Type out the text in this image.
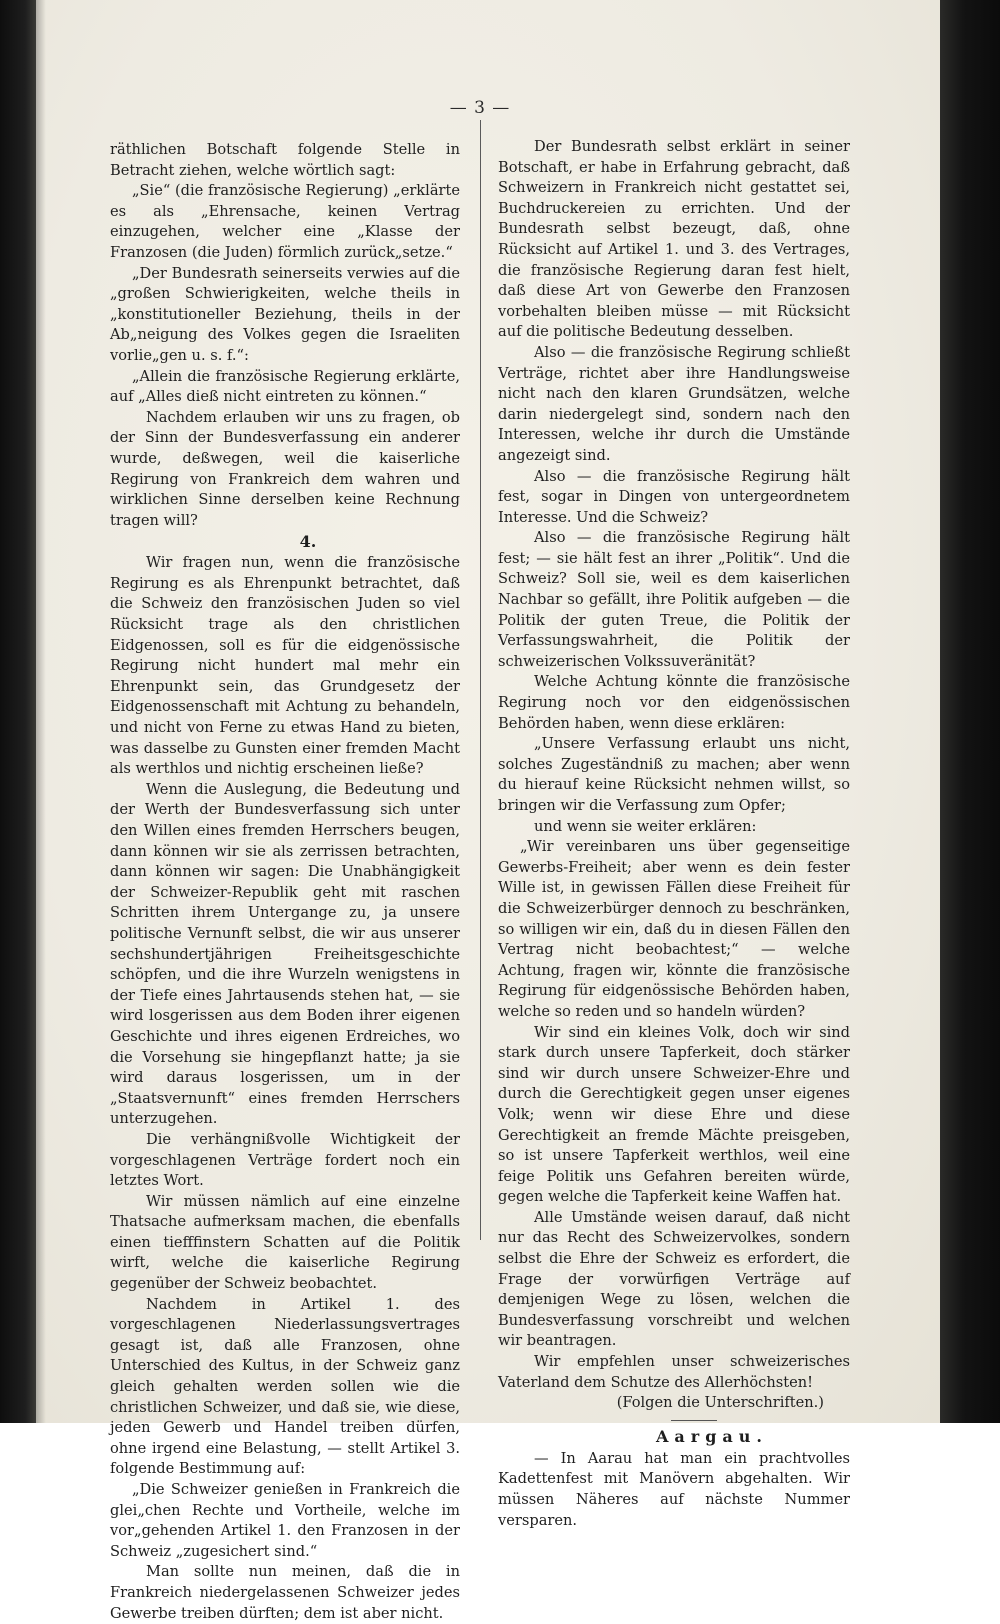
— 3 —

räthlichen Botschaft folgende Stelle in Betracht ziehen, welche wörtlich sagt:

„Sie“ (die französische Regierung) „erklärte es als „Ehrensache, keinen Vertrag einzugehen, welcher eine „Klasse der Franzosen (die Juden) förmlich zurück„setze.“

„Der Bundesrath seinerseits verwies auf die „großen Schwierigkeiten, welche theils in „konstitutioneller Beziehung, theils in der Ab„neigung des Volkes gegen die Israeliten vorlie„gen u. s. f.“:

„Allein die französische Regierung erklärte, auf „Alles dieß nicht eintreten zu können.“

Nachdem erlauben wir uns zu fragen, ob der Sinn der Bundesverfassung ein anderer wurde, deßwegen, weil die kaiserliche Regirung von Frankreich dem wahren und wirklichen Sinne derselben keine Rechnung tragen will?

4.

Wir fragen nun, wenn die französische Regirung es als Ehrenpunkt betrachtet, daß die Schweiz den französischen Juden so viel Rücksicht trage als den christlichen Eidgenossen, soll es für die eidgenössische Regirung nicht hundert mal mehr ein Ehrenpunkt sein, das Grundgesetz der Eidgenossenschaft mit Achtung zu behandeln, und nicht von Ferne zu etwas Hand zu bieten, was dasselbe zu Gunsten einer fremden Macht als werthlos und nichtig erscheinen ließe?

Wenn die Auslegung, die Bedeutung und der Werth der Bundesverfassung sich unter den Willen eines fremden Herrschers beugen, dann können wir sie als zerrissen betrachten, dann können wir sagen: Die Unabhängigkeit der Schweizer-Republik geht mit raschen Schritten ihrem Untergange zu, ja unsere politische Vernunft selbst, die wir aus unserer sechshundertjährigen Freiheitsgeschichte schöpfen, und die ihre Wurzeln wenigstens in der Tiefe eines Jahrtausends stehen hat, — sie wird losgerissen aus dem Boden ihrer eigenen Geschichte und ihres eigenen Erdreiches, wo die Vorsehung sie hingepflanzt hatte; ja sie wird daraus losgerissen, um in der „Staatsvernunft“ eines fremden Herrschers unterzugehen.

Die verhängnißvolle Wichtigkeit der vorgeschlagenen Verträge fordert noch ein letztes Wort.

Wir müssen nämlich auf eine einzelne Thatsache aufmerksam machen, die ebenfalls einen tiefffinstern Schatten auf die Politik wirft, welche die kaiserliche Regirung gegenüber der Schweiz beobachtet.

Nachdem in Artikel 1. des vorgeschlagenen Niederlassungsvertrages gesagt ist, daß alle Franzosen, ohne Unterschied des Kultus, in der Schweiz ganz gleich gehalten werden sollen wie die christlichen Schweizer, und daß sie, wie diese, jeden Gewerb und Handel treiben dürfen, ohne irgend eine Belastung, — stellt Artikel 3. folgende Bestimmung auf:

„Die Schweizer genießen in Frankreich die glei„chen Rechte und Vortheile, welche im vor„gehenden Artikel 1. den Franzosen in der Schweiz „zugesichert sind.“

Man sollte nun meinen, daß die in Frankreich niedergelassenen Schweizer jedes Gewerbe treiben dürften; dem ist aber nicht.

Der Bundesrath selbst erklärt in seiner Botschaft, er habe in Erfahrung gebracht, daß Schweizern in Frankreich nicht gestattet sei, Buchdruckereien zu errichten. Und der Bundesrath selbst bezeugt, daß, ohne Rücksicht auf Artikel 1. und 3. des Vertrages, die französische Regierung daran fest hielt, daß diese Art von Gewerbe den Franzosen vorbehalten bleiben müsse — mit Rücksicht auf die politische Bedeutung desselben.

Also — die französische Regirung schließt Verträge, richtet aber ihre Handlungsweise nicht nach den klaren Grundsätzen, welche darin niedergelegt sind, sondern nach den Interessen, welche ihr durch die Umstände angezeigt sind.

Also — die französische Regirung hält fest, sogar in Dingen von untergeordnetem Interesse. Und die Schweiz?

Also — die französische Regirung hält fest; — sie hält fest an ihrer „Politik“. Und die Schweiz? Soll sie, weil es dem kaiserlichen Nachbar so gefällt, ihre Politik aufgeben — die Politik der guten Treue, die Politik der Verfassungswahrheit, die Politik der schweizerischen Volkssuveränität?

Welche Achtung könnte die französische Regirung noch vor den eidgenössischen Behörden haben, wenn diese erklären:

„Unsere Verfassung erlaubt uns nicht, solches Zugeständniß zu machen; aber wenn du hierauf keine Rücksicht nehmen willst, so bringen wir die Verfassung zum Opfer;

und wenn sie weiter erklären:

„Wir vereinbaren uns über gegenseitige Gewerbs-Freiheit; aber wenn es dein fester Wille ist, in gewissen Fällen diese Freiheit für die Schweizerbürger dennoch zu beschränken, so willigen wir ein, daß du in diesen Fällen den Vertrag nicht beobachtest;“ — welche Achtung, fragen wir, könnte die französische Regirung für eidgenössische Behörden haben, welche so reden und so handeln würden?

Wir sind ein kleines Volk, doch wir sind stark durch unsere Tapferkeit, doch stärker sind wir durch unsere Schweizer-Ehre und durch die Gerechtigkeit gegen unser eigenes Volk; wenn wir diese Ehre und diese Gerechtigkeit an fremde Mächte preisgeben, so ist unsere Tapferkeit werthlos, weil eine feige Politik uns Gefahren bereiten würde, gegen welche die Tapferkeit keine Waffen hat.

Alle Umstände weisen darauf, daß nicht nur das Recht des Schweizervolkes, sondern selbst die Ehre der Schweiz es erfordert, die Frage der vorwürfigen Verträge auf demjenigen Wege zu lösen, welchen die Bundesverfassung vorschreibt und welchen wir beantragen.

Wir empfehlen unser schweizerisches Vaterland dem Schutze des Allerhöchsten!

(Folgen die Unterschriften.)

Aargau.

— In Aarau hat man ein prachtvolles Kadettenfest mit Manövern abgehalten. Wir müssen Näheres auf nächste Nummer versparen.
